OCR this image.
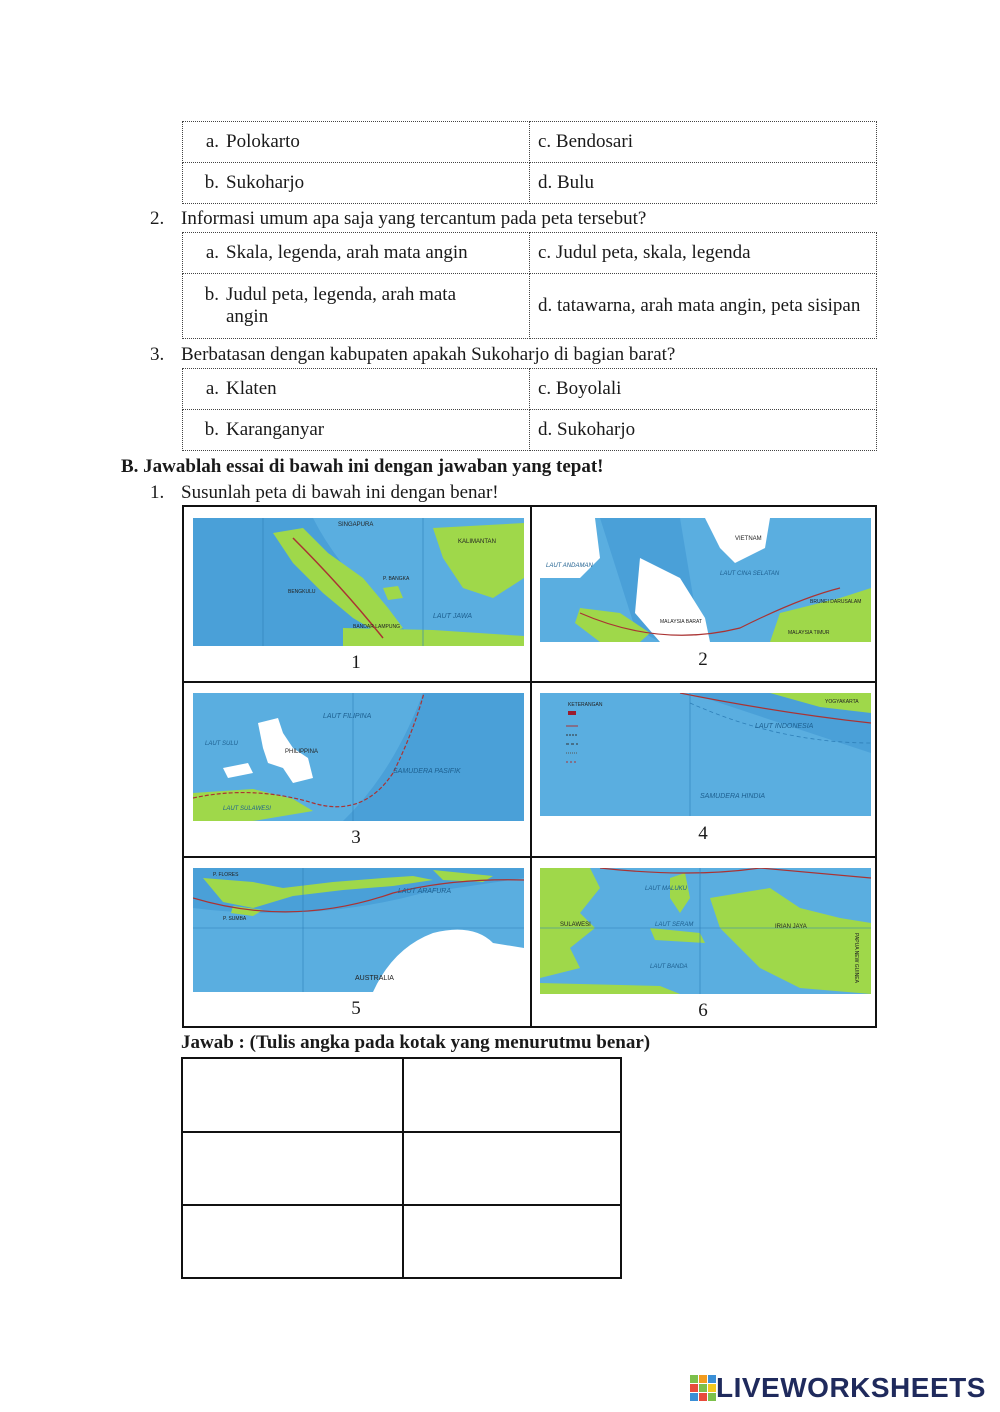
a. Polokarto	c. Bendosari
b. Sukoharjo	d. Bulu
2. Informasi umum apa saja yang tercantum pada peta tersebut?
a. Skala, legenda, arah mata angin	c. Judul peta, skala, legenda
b. Judul peta, legenda, arah mata angin	d. tatawarna, arah mata angin, peta sisipan
3. Berbatasan dengan kabupaten apakah Sukoharjo di bagian barat?
a. Klaten	c. Boyolali
b. Karanganyar	d. Sukoharjo
B. Jawablah essai di bawah ini dengan jawaban yang tepat!
1. Susunlah peta di bawah ini dengan benar!
SINGAPURA
KALIMANTAN
LAUT JAWA
BENGKULU
P. BANGKA
BANDAR LAMPUNG
1
VIETNAM
LAUT ANDAMAN
LAUT CINA SELATAN
BRUNEI DARUSALAM
MALAYSIA BARAT
MALAYSIA TIMUR
2
LAUT FILIPINA
LAUT SULU
PHILIPPINA
SAMUDERA PASIFIK
LAUT SULAWESI
3
KETERANGAN
LAUT INDONESIA
SAMUDERA HINDIA
YOGYAKARTA
4
LAUT ARAFURA
AUSTRALIA
P. FLORES
P. SUMBA
5
LAUT MALUKU
SULAWESI	LAUT SERAM
LAUT BANDA
IRIAN JAYA
PAPUA NEW GUINEA
6
Jawab : (Tulis angka pada kotak yang menurutmu benar)
LIVEWORKSHEETS
